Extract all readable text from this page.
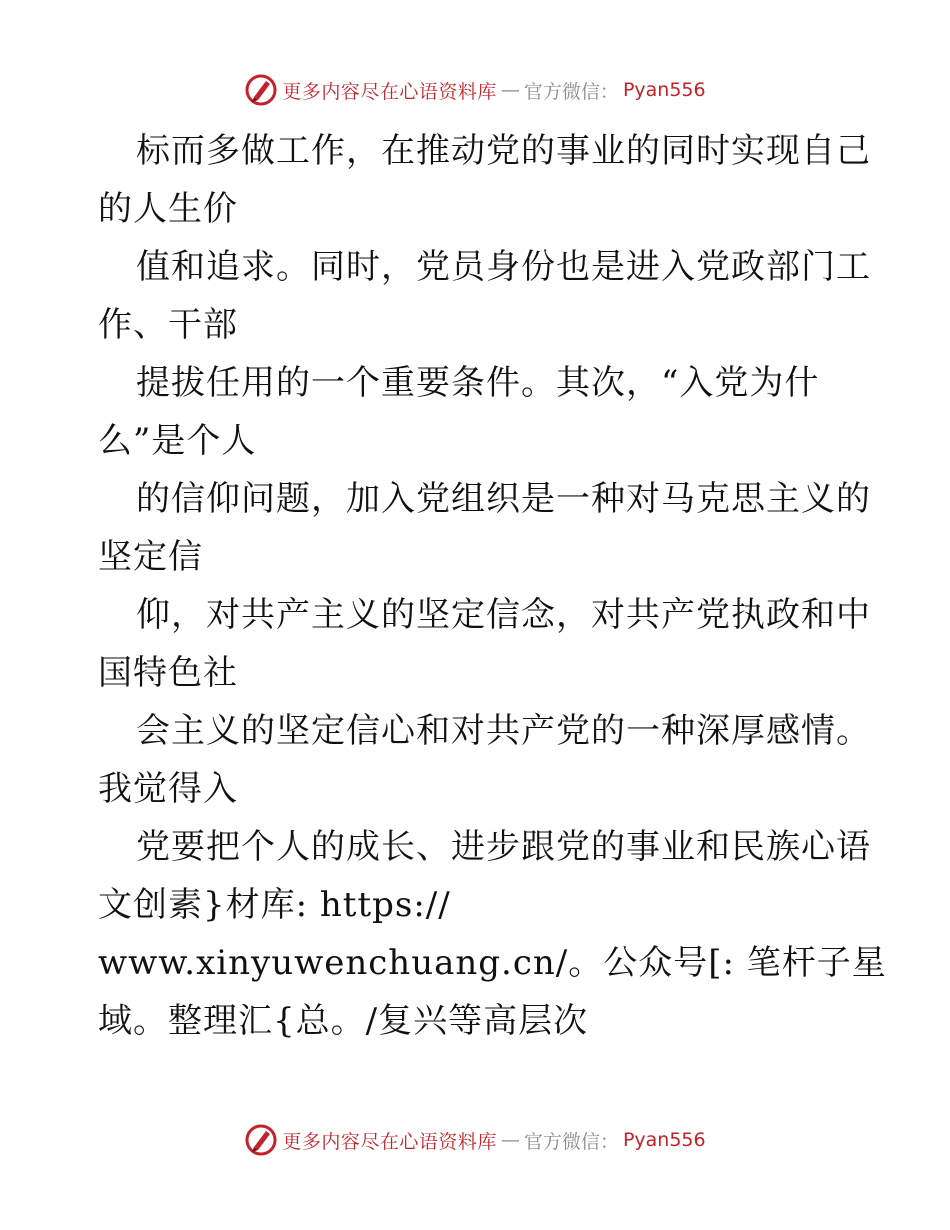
更多内容尽在心语资料库 — 官方微信： Pyan556
标而多做工作，在推动党的事业的同时实现自己
的人生价
值和追求。同时，党员身份也是进入党政部门工
作、干部
提拔任用的一个重要条件。其次，“入党为什
么”是个人
的信仰问题，加入党组织是一种对马克思主义的
坚定信
仰，对共产主义的坚定信念，对共产党执政和中
国特色社
会主义的坚定信心和对共产党的一种深厚感情。
我觉得入
党要把个人的成长、进步跟党的事业和民族心语
文创素}材库: https://
www.xinyuwenchuang.cn/。公众号[: 笔杆子星
域。整理汇{总。/复兴等高层次
更多内容尽在心语资料库 — 官方微信： Pyan556
